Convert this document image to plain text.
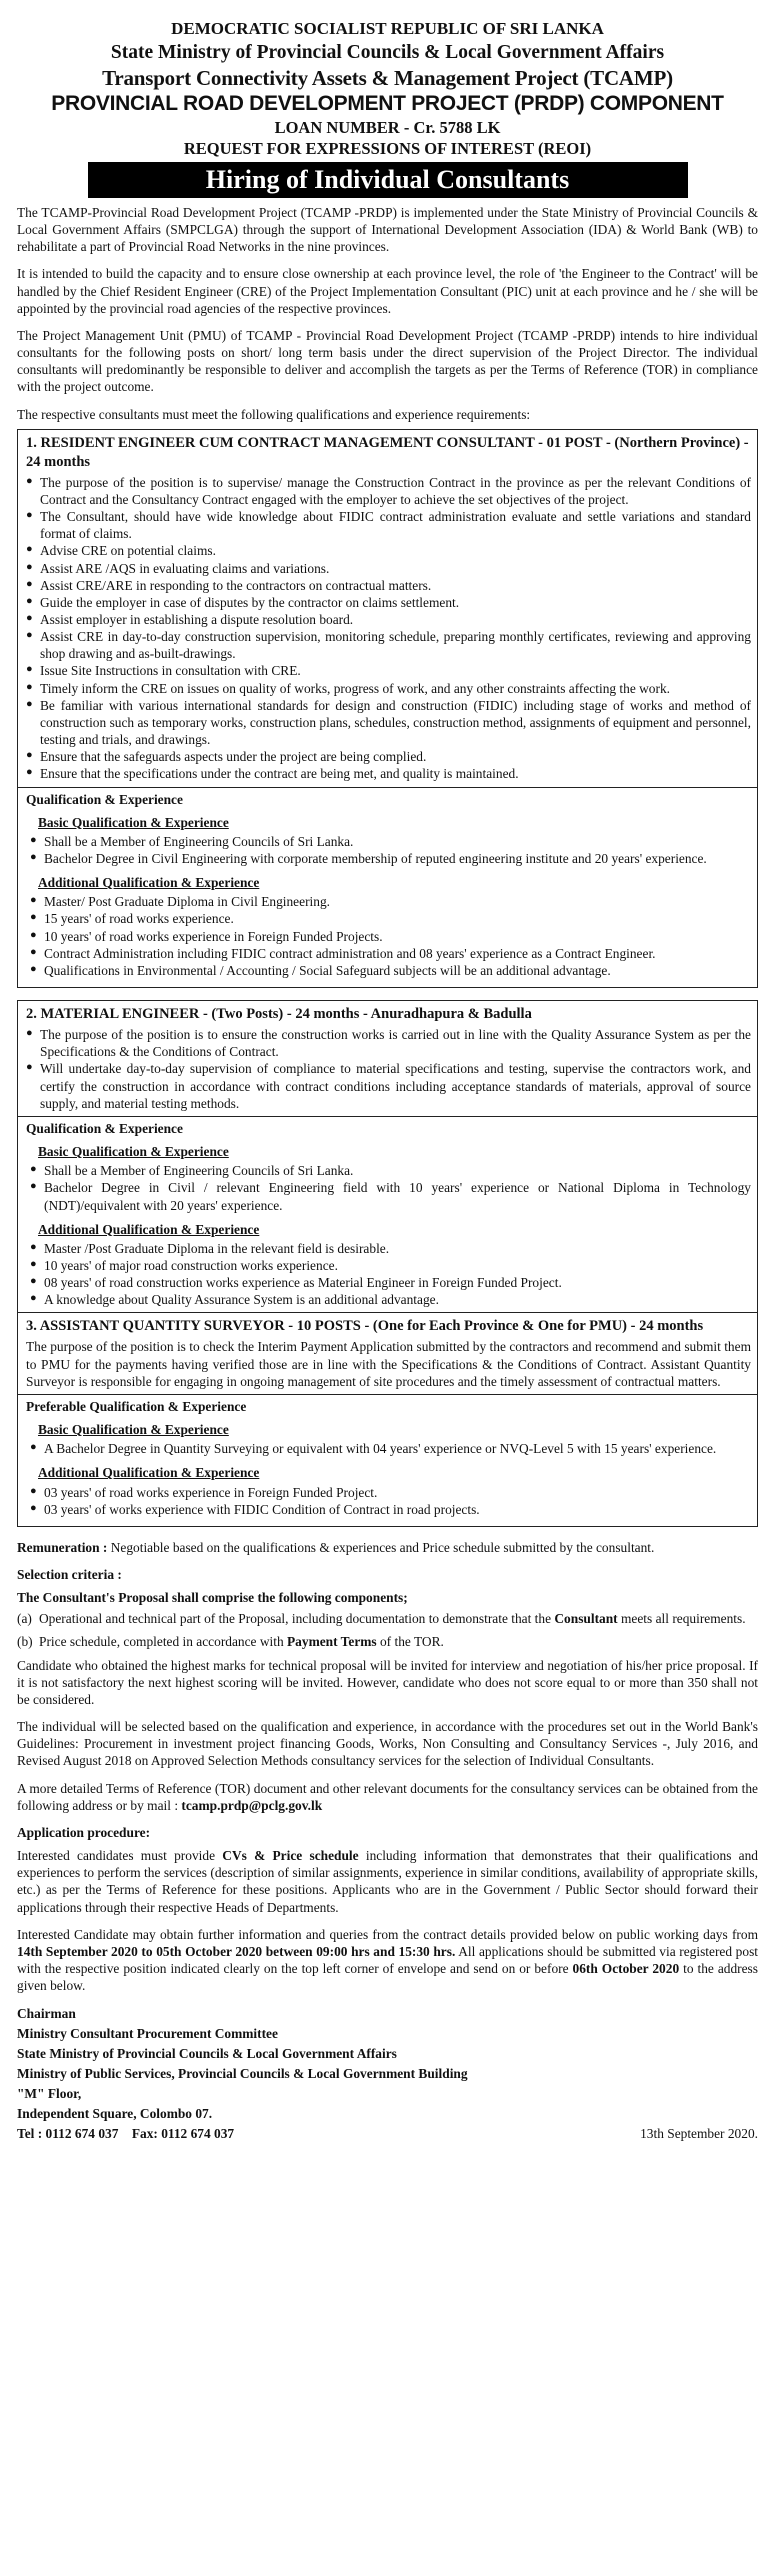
DEMOCRATIC SOCIALIST REPUBLIC OF SRI LANKA
State Ministry of Provincial Councils & Local Government Affairs
Transport Connectivity Assets & Management Project (TCAMP)
PROVINCIAL ROAD DEVELOPMENT PROJECT (PRDP) COMPONENT
LOAN NUMBER - Cr. 5788 LK
REQUEST FOR EXPRESSIONS OF INTEREST (REOI)
Hiring of Individual Consultants

The TCAMP-Provincial Road Development Project (TCAMP -PRDP) is implemented under the State Ministry of Provincial Councils & Local Government Affairs (SMPCLGA) through the support of International Development Association (IDA) & World Bank (WB) to rehabilitate a part of Provincial Road Networks in the nine provinces.

It is intended to build the capacity and to ensure close ownership at each province level, the role of 'the Engineer to the Contract' will be handled by the Chief Resident Engineer (CRE) of the Project Implementation Consultant (PIC) unit at each province and he / she will be appointed by the provincial road agencies of the respective provinces.

The Project Management Unit (PMU) of TCAMP - Provincial Road Development Project (TCAMP -PRDP) intends to hire individual consultants for the following posts on short/ long term basis under the direct supervision of the Project Director. The individual consultants will predominantly be responsible to deliver and accomplish the targets as per the Terms of Reference (TOR) in compliance with the project outcome.

The respective consultants must meet the following qualifications and experience requirements:

1. RESIDENT ENGINEER CUM CONTRACT MANAGEMENT CONSULTANT - 01 POST - (Northern Province) - 24 months
● The purpose of the position is to supervise/ manage the Construction Contract in the province as per the relevant Conditions of Contract and the Consultancy Contract engaged with the employer to achieve the set objectives of the project.
● The Consultant, should have wide knowledge about FIDIC contract administration evaluate and settle variations and standard format of claims.
● Advise CRE on potential claims.
● Assist ARE /AQS in evaluating claims and variations.
● Assist CRE/ARE in responding to the contractors on contractual matters.
● Guide the employer in case of disputes by the contractor on claims settlement.
● Assist employer in establishing a dispute resolution board.
● Assist CRE in day-to-day construction supervision, monitoring schedule, preparing monthly certificates, reviewing and approving shop drawing and as-built-drawings.
● Issue Site Instructions in consultation with CRE.
● Timely inform the CRE on issues on quality of works, progress of work, and any other constraints affecting the work.
● Be familiar with various international standards for design and construction (FIDIC) including stage of works and method of construction such as temporary works, construction plans, schedules, construction method, assignments of equipment and personnel, testing and trials, and drawings.
● Ensure that the safeguards aspects under the project are being complied.
● Ensure that the specifications under the contract are being met, and quality is maintained.
Qualification & Experience
Basic Qualification & Experience
● Shall be a Member of Engineering Councils of Sri Lanka.
● Bachelor Degree in Civil Engineering with corporate membership of reputed engineering institute and 20 years' experience.
Additional Qualification & Experience
● Master/ Post Graduate Diploma in Civil Engineering.
● 15 years' of road works experience.
● 10 years' of road works experience in Foreign Funded Projects.
● Contract Administration including FIDIC contract administration and 08 years' experience as a Contract Engineer.
● Qualifications in Environmental / Accounting / Social Safeguard subjects will be an additional advantage.
2. MATERIAL ENGINEER - (Two Posts) - 24 months - Anuradhapura & Badulla
● The purpose of the position is to ensure the construction works is carried out in line with the Quality Assurance System as per the Specifications & the Conditions of Contract.
● Will undertake day-to-day supervision of compliance to material specifications and testing, supervise the contractors work, and certify the construction in accordance with contract conditions including acceptance standards of materials, approval of source supply, and material testing methods.
Qualification & Experience
Basic Qualification & Experience
● Shall be a Member of Engineering Councils of Sri Lanka.
● Bachelor Degree in Civil / relevant Engineering field with 10 years' experience or National Diploma in Technology (NDT)/equivalent with 20 years' experience.
Additional Qualification & Experience
● Master /Post Graduate Diploma in the relevant field is desirable.
● 10 years' of major road construction works experience.
● 08 years' of road construction works experience as Material Engineer in Foreign Funded Project.
● A knowledge about Quality Assurance System is an additional advantage.
3. ASSISTANT QUANTITY SURVEYOR - 10 POSTS - (One for Each Province & One for PMU) - 24 months

The purpose of the position is to check the Interim Payment Application submitted by the contractors and recommend and submit them to PMU for the payments having verified those are in line with the Specifications & the Conditions of Contract. Assistant Quantity Surveyor is responsible for engaging in ongoing management of site procedures and the timely assessment of contractual matters.

Preferable Qualification & Experience
Basic Qualification & Experience
● A Bachelor Degree in Quantity Surveying or equivalent with 04 years' experience or NVQ-Level 5 with 15 years' experience.
Additional Qualification & Experience
● 03 years' of road works experience in Foreign Funded Project.
● 03 years' of works experience with FIDIC Condition of Contract in road projects.

Remuneration : Negotiable based on the qualifications & experiences and Price schedule submitted by the consultant.

Selection criteria :
The Consultant's Proposal shall comprise the following components;
(a) Operational and technical part of the Proposal, including documentation to demonstrate that the Consultant meets all requirements.
(b) Price schedule, completed in accordance with Payment Terms of the TOR.

Candidate who obtained the highest marks for technical proposal will be invited for interview and negotiation of his/her price proposal. If it is not satisfactory the next highest scoring will be invited. However, candidate who does not score equal to or more than 350 shall not be considered.

The individual will be selected based on the qualification and experience, in accordance with the procedures set out in the World Bank's Guidelines: Procurement in investment project financing Goods, Works, Non Consulting and Consultancy Services -, July 2016, and Revised August 2018 on Approved Selection Methods consultancy services for the selection of Individual Consultants.

A more detailed Terms of Reference (TOR) document and other relevant documents for the consultancy services can be obtained from the following address or by mail : tcamp.prdp@pclg.gov.lk

Application procedure:

Interested candidates must provide CVs & Price schedule including information that demonstrates that their qualifications and experiences to perform the services (description of similar assignments, experience in similar conditions, availability of appropriate skills, etc.) as per the Terms of Reference for these positions. Applicants who are in the Government / Public Sector should forward their applications through their respective Heads of Departments.

Interested Candidate may obtain further information and queries from the contract details provided below on public working days from 14th September 2020 to 05th October 2020 between 09:00 hrs and 15:30 hrs. All applications should be submitted via registered post with the respective position indicated clearly on the top left corner of envelope and send on or before 06th October 2020 to the address given below.

Chairman
Ministry Consultant Procurement Committee
State Ministry of Provincial Councils & Local Government Affairs
Ministry of Public Services, Provincial Councils & Local Government Building
"M" Floor,
Independent Square, Colombo 07.
Tel : 0112 674 037    Fax: 0112 674 037	13th September 2020.
